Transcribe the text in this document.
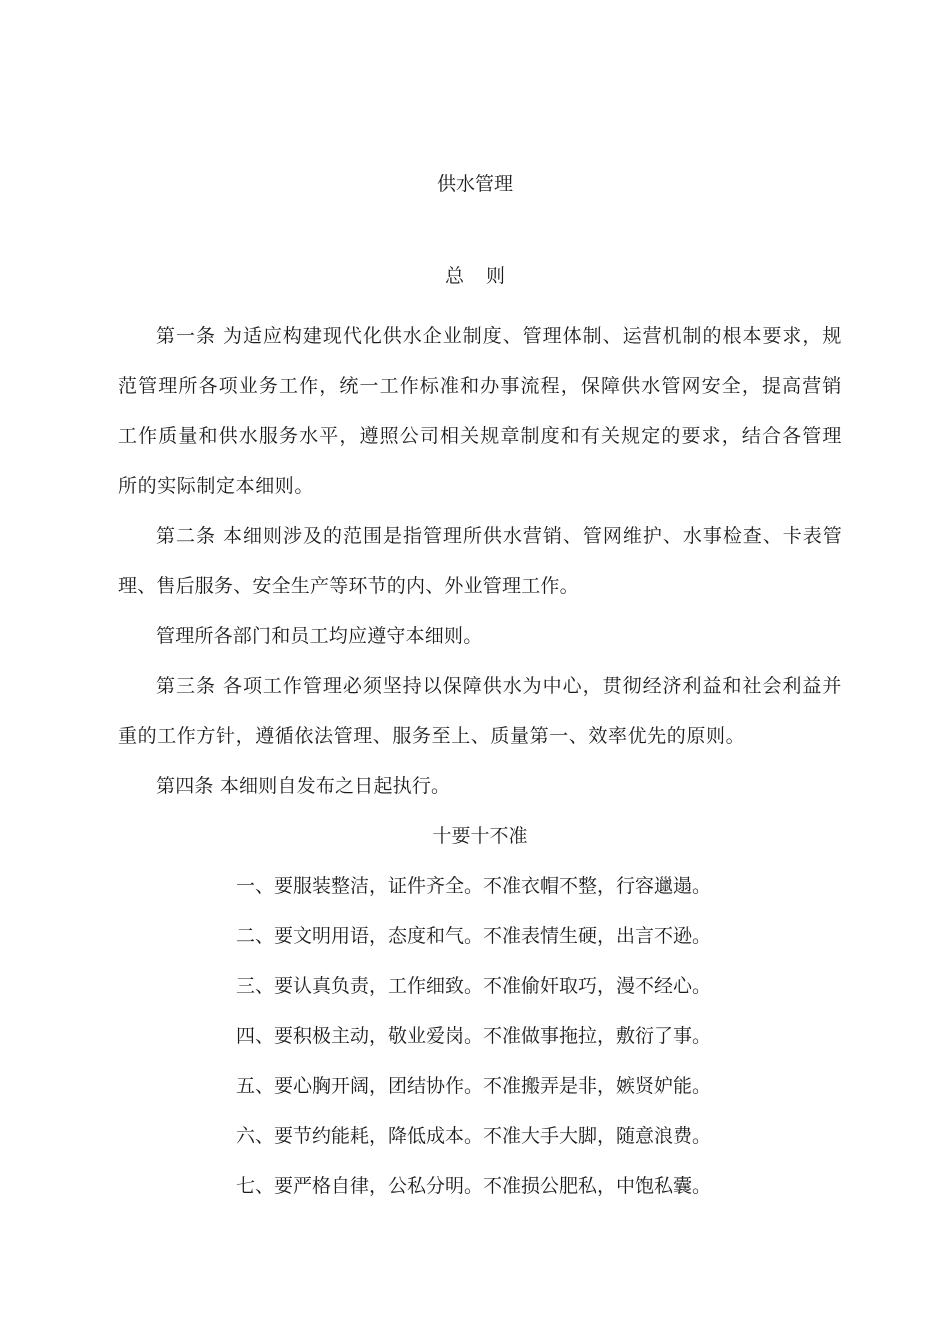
供水管理
总 则

第一条 为适应构建现代化供水企业制度、管理体制、运营机制的根本要求，规范管理所各项业务工作，统一工作标准和办事流程，保障供水管网安全，提高营销工作质量和供水服务水平，遵照公司相关规章制度和有关规定的要求，结合各管理所的实际制定本细则。

第二条 本细则涉及的范围是指管理所供水营销、管网维护、水事检查、卡表管理、售后服务、安全生产等环节的内、外业管理工作。

管理所各部门和员工均应遵守本细则。

第三条 各项工作管理必须坚持以保障供水为中心，贯彻经济利益和社会利益并重的工作方针，遵循依法管理、服务至上、质量第一、效率优先的原则。

第四条 本细则自发布之日起执行。

十要十不准

一、要服装整洁，证件齐全。不准衣帽不整，行容邋遢。
二、要文明用语，态度和气。不准表情生硬，出言不逊。
三、要认真负责，工作细致。不准偷奸取巧，漫不经心。
四、要积极主动，敬业爱岗。不准做事拖拉，敷衍了事。
五、要心胸开阔，团结协作。不准搬弄是非，嫉贤妒能。
六、要节约能耗，降低成本。不准大手大脚，随意浪费。
七、要严格自律，公私分明。不准损公肥私，中饱私囊。
